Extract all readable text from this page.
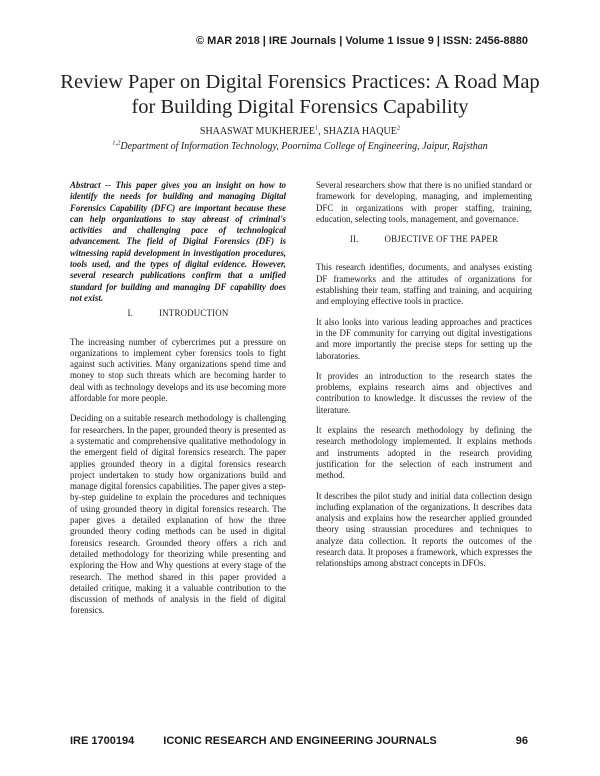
© MAR 2018 | IRE Journals | Volume 1 Issue 9 | ISSN: 2456-8880
Review Paper on Digital Forensics Practices: A Road Map for Building Digital Forensics Capability
SHAASWAT MUKHERJEE$^1$, SHAZIA HAQUE$^2$
$^{1,2}$Department of Information Technology, Poornima College of Engineering, Jaipur, Rajsthan
Abstract -- This paper gives you an insight on how to identify the needs for building and managing Digital Forensics Capability (DFC) are important because these can help organizations to stay abreast of criminal's activities and challenging pace of technological advancement. The field of Digital Forensics (DF) is witnessing rapid development in investigation procedures, tools used, and the types of digital evidence. However, several research publications confirm that a unified standard for building and managing DF capability does not exist.
I.	INTRODUCTION

The increasing number of cybercrimes put a pressure on organizations to implement cyber forensics tools to fight against such activities. Many organizations spend time and money to stop such threats which are becoming harder to deal with as technology develops and its use becoming more affordable for more people.

Deciding on a suitable research methodology is challenging for researchers. In the paper, grounded theory is presented as a systematic and comprehensive qualitative methodology in the emergent field of digital forensics research. The paper applies grounded theory in a digital forensics research project undertaken to study how organizations build and manage digital forensics capabilities. The paper gives a step-by-step guideline to explain the procedures and techniques of using grounded theory in digital forensics research. The paper gives a detailed explanation of how the three grounded theory coding methods can be used in digital forensics research. Grounded theory offers a rich and detailed methodology for theorizing while presenting and exploring the How and Why questions at every stage of the research. The method shared in this paper provided a detailed critique, making it a valuable contribution to the discussion of methods of analysis in the field of digital forensics.

Several researchers show that there is no unified standard or framework for developing, managing, and implementing DFC in organizations with proper staffing, training, education, selecting tools, management, and governance.

II.	OBJECTIVE OF THE PAPER

This research identifies, documents, and analyses existing DF frameworks and the attitudes of organizations for establishing their team, staffing and training, and acquiring and employing effective tools in practice.

It also looks into various leading approaches and practices in the DF community for carrying out digital investigations and more importantly the precise steps for setting up the laboratories.

It provides an introduction to the research states the problems, explains research aims and objectives and contribution to knowledge. It discusses the review of the literature.

It explains the research methodology by defining the research methodology implemented. It explains methods and instruments adopted in the research providing justification for the selection of each instrument and method.

It describes the pilot study and initial data collection design including explanation of the organizations. It describes data analysis and explains how the researcher applied grounded theory using straussian procedures and techniques to analyze data collection. It reports the outcomes of the research data. It proposes a framework, which expresses the relationships among abstract concepts in DFOs.

IRE 1700194	ICONIC RESEARCH AND ENGINEERING JOURNALS	96
